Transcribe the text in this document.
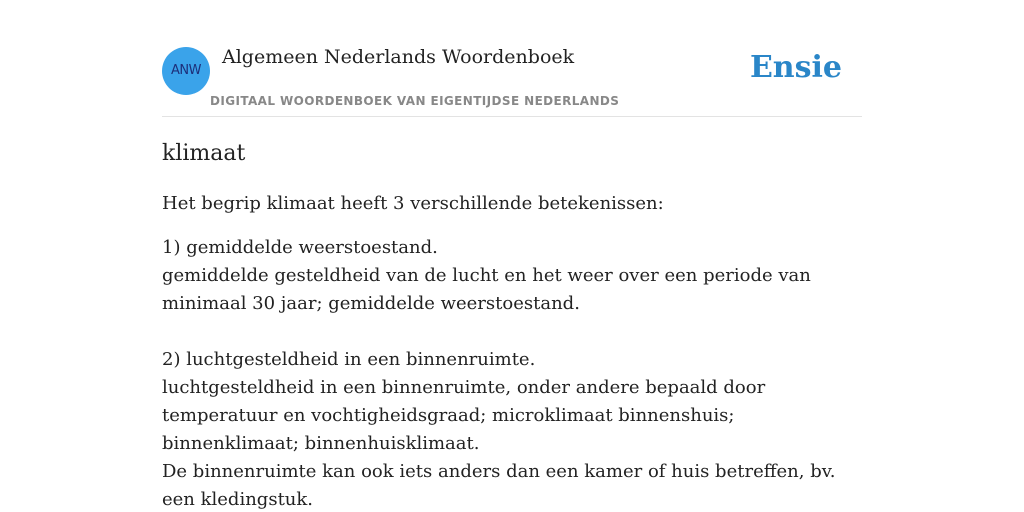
ANW
Algemeen Nederlands Woordenboek
DIGITAAL WOORDENBOEK VAN EIGENTIJDSE NEDERLANDS
Ensie
klimaat

Het begrip klimaat heeft 3 verschillende betekenissen:

1) gemiddelde weerstoestand.
gemiddelde gesteldheid van de lucht en het weer over een periode van minimaal 30 jaar; gemiddelde weerstoestand.
2) luchtgesteldheid in een binnenruimte.
luchtgesteldheid in een binnenruimte, onder andere bepaald door temperatuur en vochtigheidsgraad; microklimaat binnenshuis; binnenklimaat; binnenhuisklimaat.
De binnenruimte kan ook iets anders dan een kamer of huis betreffen, bv. een kledingstuk.
